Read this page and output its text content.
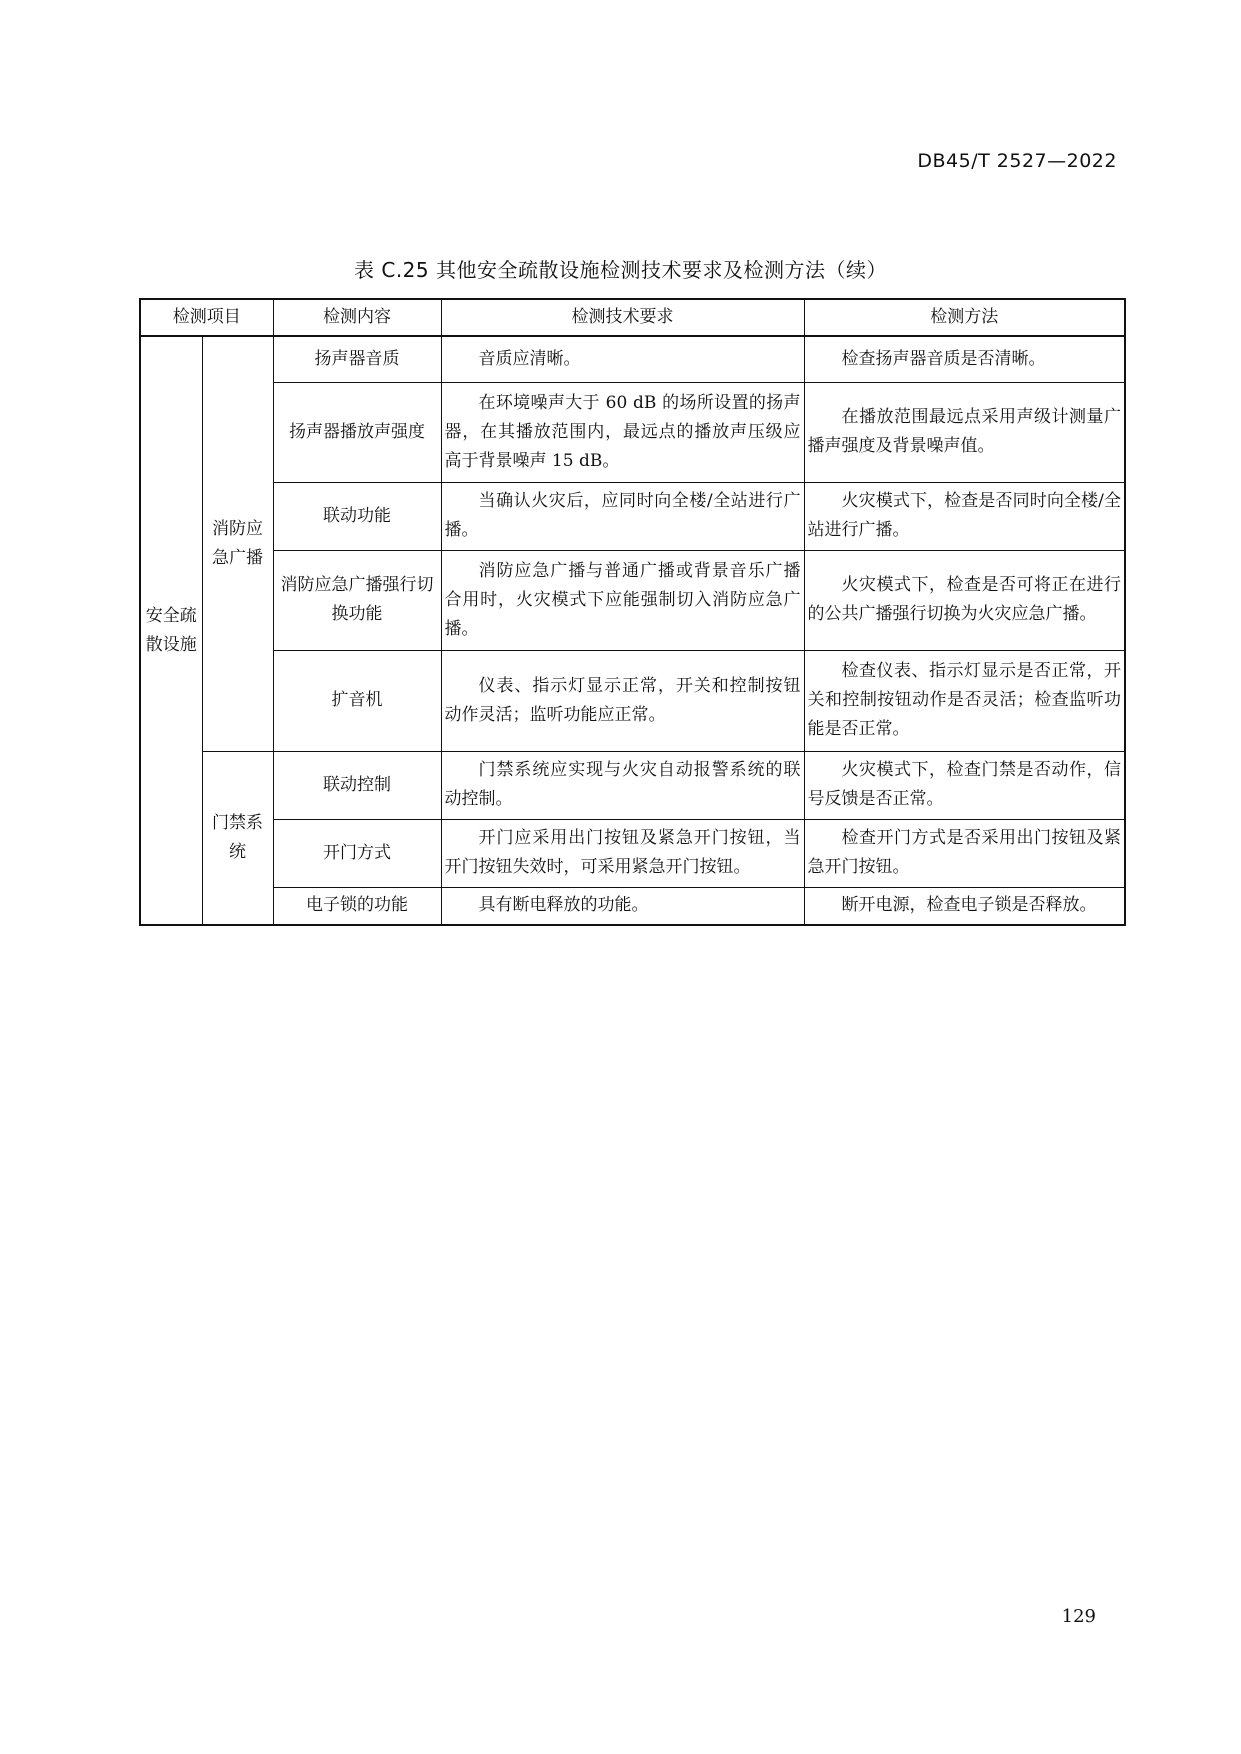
DB45/T 2527—2022
表 C.25 其他安全疏散设施检测技术要求及检测方法（续）
检测项目		检测内容	检测技术要求	检测方法
安全疏散设施	消防应急广播	扬声器音质	音质应清晰。	检查扬声器音质是否清晰。
		扬声器播放声强度	在环境噪声大于 60 dB 的场所设置的扬声器，在其播放范围内，最远点的播放声压级应高于背景噪声 15 dB。	在播放范围最远点采用声级计测量广播声强度及背景噪声值。
		联动功能	当确认火灾后，应同时向全楼/全站进行广播。	火灾模式下，检查是否同时向全楼/全站进行广播。
		消防应急广播强行切换功能	消防应急广播与普通广播或背景音乐广播合用时，火灾模式下应能强制切入消防应急广播。	火灾模式下，检查是否可将正在进行的公共广播强行切换为火灾应急广播。
		扩音机	仪表、指示灯显示正常，开关和控制按钮动作灵活；监听功能应正常。	检查仪表、指示灯显示是否正常，开关和控制按钮动作是否灵活；检查监听功能是否正常。
	门禁系统	联动控制	门禁系统应实现与火灾自动报警系统的联动控制。	火灾模式下，检查门禁是否动作，信号反馈是否正常。
		开门方式	开门应采用出门按钮及紧急开门按钮，当开门按钮失效时，可采用紧急开门按钮。	检查开门方式是否采用出门按钮及紧急开门按钮。
		电子锁的功能	具有断电释放的功能。	断开电源，检查电子锁是否释放。
129
